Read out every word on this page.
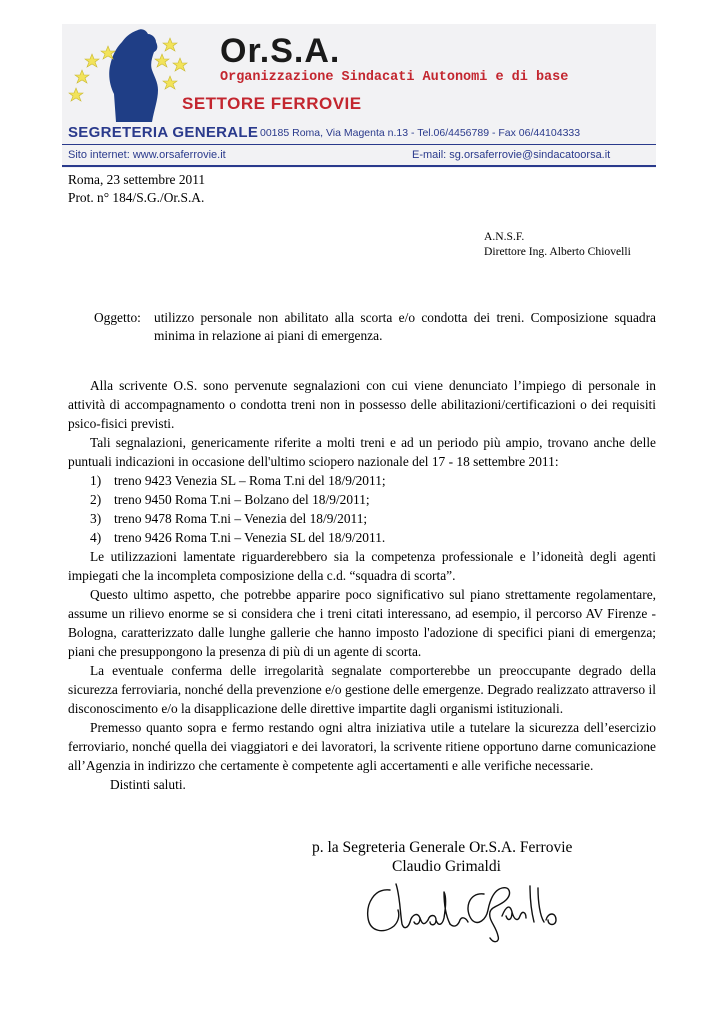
Or.S.A.
Organizzazione Sindacati Autonomi e di base
SETTORE FERROVIE
SEGRETERIA GENERALE 00185 Roma, Via Magenta n.13 - Tel.06/4456789 - Fax 06/44104333
Sito internet: www.orsaferrovie.it	E-mail: sg.orsaferrovie@sindacatoorsa.it
Roma, 23 settembre 2011
Prot. n° 184/S.G./Or.S.A.
A.N.S.F.
Direttore Ing. Alberto Chiovelli
Oggetto: utilizzo personale non abilitato alla scorta e/o condotta dei treni. Composizione squadra minima in relazione ai piani di emergenza.

Alla scrivente O.S. sono pervenute segnalazioni con cui viene denunciato l’impiego di personale in attività di accompagnamento o condotta treni non in possesso delle abilitazioni/certificazioni o dei requisiti psico-fisici previsti.

Tali segnalazioni, genericamente riferite a molti treni e ad un periodo più ampio, trovano anche delle puntuali indicazioni in occasione dell'ultimo sciopero nazionale del 17 - 18 settembre 2011:

1) treno 9423 Venezia SL – Roma T.ni del 18/9/2011;
2) treno 9450 Roma T.ni – Bolzano del 18/9/2011;
3) treno 9478 Roma T.ni – Venezia del 18/9/2011;
4) treno 9426 Roma T.ni – Venezia SL del 18/9/2011.

Le utilizzazioni lamentate riguarderebbero sia la competenza professionale e l’idoneità degli agenti impiegati che la incompleta composizione della c.d. “squadra di scorta”.

Questo ultimo aspetto, che potrebbe apparire poco significativo sul piano strettamente regolamentare, assume un rilievo enorme se si considera che i treni citati interessano, ad esempio, il percorso AV Firenze - Bologna, caratterizzato dalle lunghe gallerie che hanno imposto l'adozione di specifici piani di emergenza; piani che presuppongono la presenza di più di un agente di scorta.

La eventuale conferma delle irregolarità segnalate comporterebbe un preoccupante degrado della sicurezza ferroviaria, nonché della prevenzione e/o gestione delle emergenze. Degrado realizzato attraverso il disconoscimento e/o la disapplicazione delle direttive impartite dagli organismi istituzionali.

Premesso quanto sopra e fermo restando ogni altra iniziativa utile a tutelare la sicurezza dell’esercizio ferroviario, nonché quella dei viaggiatori e dei lavoratori, la scrivente ritiene opportuno darne comunicazione all’Agenzia in indirizzo che certamente è competente agli accertamenti e alle verifiche necessarie.

Distinti saluti.

p. la Segreteria Generale Or.S.A. Ferrovie
Claudio Grimaldi
